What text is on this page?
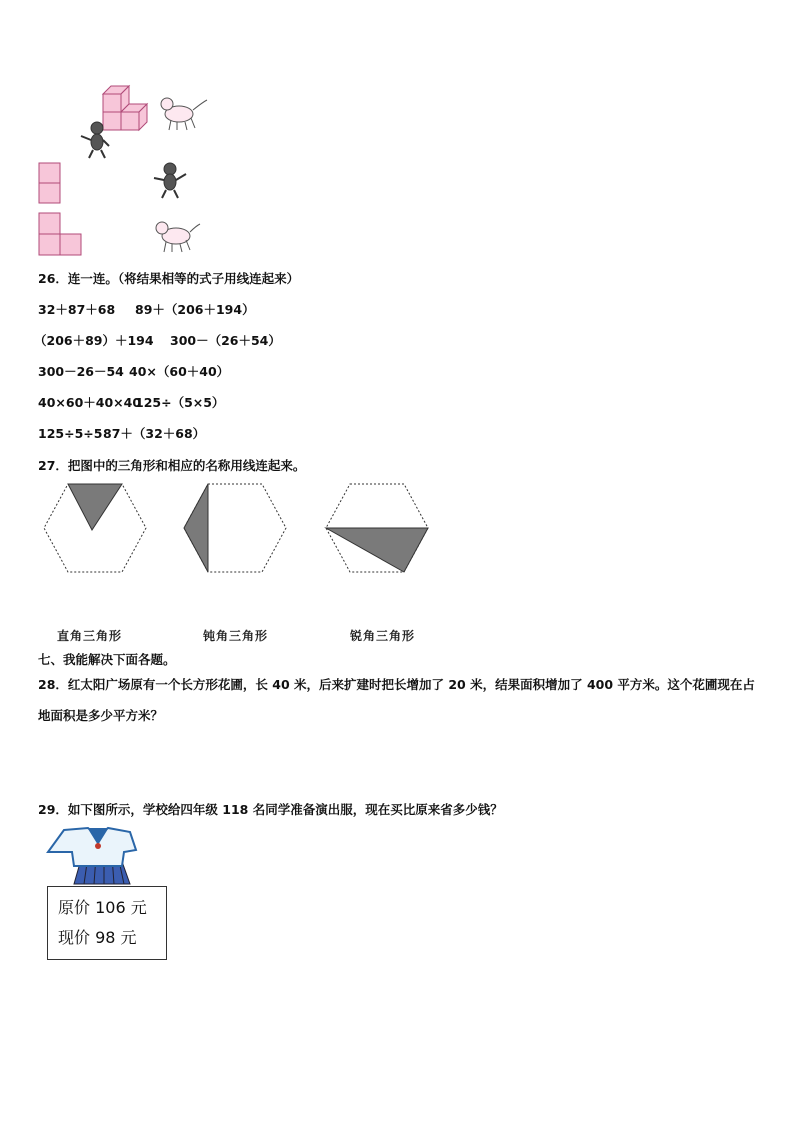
26．连一连。（将结果相等的式子用线连起来）
32＋87＋68 89＋（206＋194）
（206＋89）＋194 300－（26＋54）
300－26－54 40×（60＋40）
40×60＋40×40
125÷（5×5）
125÷5÷5 87＋（32＋68）
27．把图中的三角形和相应的名称用线连起来。
直角三角形	钝角三角形	锐角三角形
七、我能解决下面各题。
28．红太阳广场原有一个长方形花圃，长 40 米，后来扩建时把长增加了 20 米，结果面积增加了 400 平方米。这个花圃现在占地面积是多少平方米？
29．如下图所示，学校给四年级 118 名同学准备演出服，现在买比原来省多少钱？
原价 106 元
现价 98 元
